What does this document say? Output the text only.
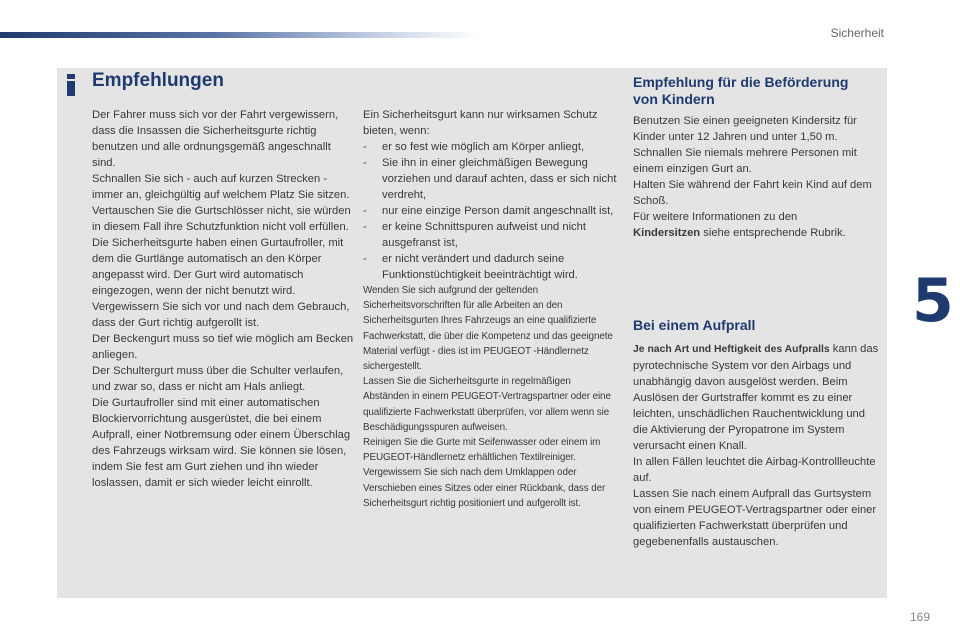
Sicherheit
Empfehlungen

Der Fahrer muss sich vor der Fahrt vergewissern, dass die Insassen die Sicherheitsgurte richtig benutzen und alle ordnungsgemäß angeschnallt sind.

Schnallen Sie sich - auch auf kurzen Strecken - immer an, gleichgültig auf welchem Platz Sie sitzen.

Vertauschen Sie die Gurtschlösser nicht, sie würden in diesem Fall ihre Schutzfunktion nicht voll erfüllen.

Die Sicherheitsgurte haben einen Gurtaufroller, mit dem die Gurtlänge automatisch an den Körper angepasst wird. Der Gurt wird automatisch eingezogen, wenn der nicht benutzt wird.

Vergewissern Sie sich vor und nach dem Gebrauch, dass der Gurt richtig aufgerollt ist.

Der Beckengurt muss so tief wie möglich am Becken anliegen.

Der Schultergurt muss über die Schulter verlaufen, und zwar so, dass er nicht am Hals anliegt.

Die Gurtaufroller sind mit einer automatischen Blockiervorrichtung ausgerüstet, die bei einem Aufprall, einer Notbremsung oder einem Überschlag des Fahrzeugs wirksam wird. Sie können sie lösen, indem Sie fest am Gurt ziehen und ihn wieder loslassen, damit er sich wieder leicht einrollt.

Ein Sicherheitsgurt kann nur wirksamen Schutz bieten, wenn:

-	er so fest wie möglich am Körper anliegt,
-	Sie ihn in einer gleichmäßigen Bewegung vorziehen und darauf achten, dass er sich nicht verdreht,
-	nur eine einzige Person damit angeschnallt ist,
-	er keine Schnittspuren aufweist und nicht ausgefranst ist,
-	er nicht verändert und dadurch seine Funktionstüchtigkeit beeinträchtigt wird.

Wenden Sie sich aufgrund der geltenden Sicherheitsvorschriften für alle Arbeiten an den Sicherheitsgurten Ihres Fahrzeugs an eine qualifizierte Fachwerkstatt, die über die Kompetenz und das geeignete Material verfügt - dies ist im PEUGEOT -Händlernetz sichergestellt.

Lassen Sie die Sicherheitsgurte in regelmäßigen Abständen in einem PEUGEOT-Vertragspartner oder eine qualifizierte Fachwerkstatt überprüfen, vor allem wenn sie Beschädigungsspuren aufweisen.

Reinigen Sie die Gurte mit Seifenwasser oder einem im PEUGEOT-Händlernetz erhältlichen Textilreiniger.

Vergewissern Sie sich nach dem Umklappen oder Verschieben eines Sitzes oder einer Rückbank, dass der Sicherheitsgurt richtig positioniert und aufgerollt ist.

Empfehlung für die Beförderung von Kindern

Benutzen Sie einen geeigneten Kindersitz für Kinder unter 12 Jahren und unter 1,50 m.

Schnallen Sie niemals mehrere Personen mit einem einzigen Gurt an.

Halten Sie während der Fahrt kein Kind auf dem Schoß.

Für weitere Informationen zu den
Kindersitzen siehe entsprechende Rubrik.

Bei einem Aufprall

Je nach Art und Heftigkeit des Aufpralls kann das pyrotechnische System vor den Airbags und unabhängig davon ausgelöst werden. Beim Auslösen der Gurtstraffer kommt es zu einer leichten, unschädlichen Rauchentwicklung und die Aktivierung der Pyropatrone im System verursacht einen Knall.

In allen Fällen leuchtet die Airbag-Kontrollleuchte auf.

Lassen Sie nach einem Aufprall das Gurtsystem von einem PEUGEOT-Vertragspartner oder einer qualifizierten Fachwerkstatt überprüfen und gegebenenfalls austauschen.

5
169
